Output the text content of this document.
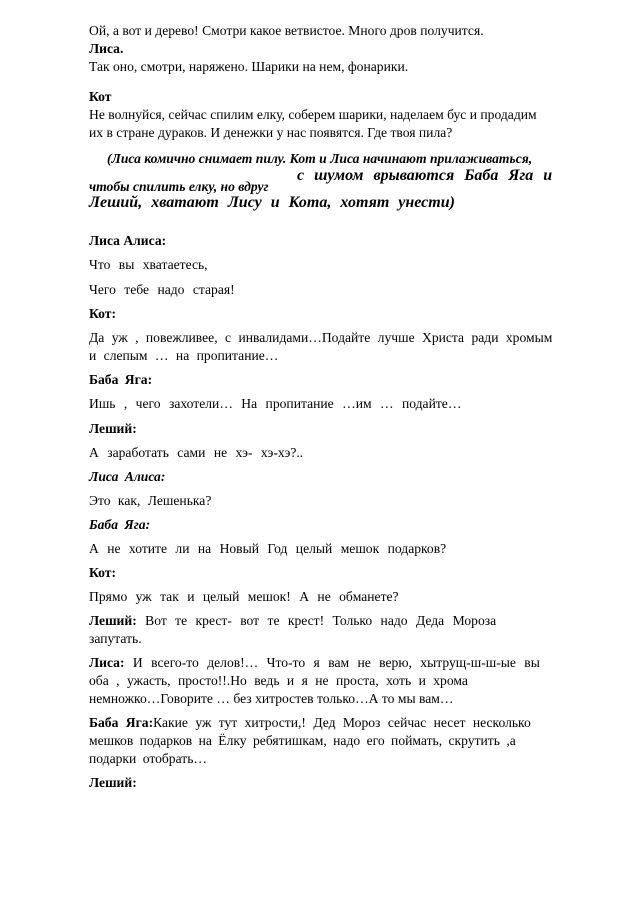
Ой, а вот и дерево! Смотри какое ветвистое. Много дров получится.

Лиса.

Так оно, смотри, наряжено. Шарики на нем, фонарики.

Кот

Не волнуйся, сейчас спилим елку, соберем шарики, наделаем бус и продадим

их в стране дураков. И денежки у нас появятся. Где твоя пила?

(Лиса комично снимает пилу. Кот и Лиса начинают прилаживаться,

чтобы спилить елку, но вдруг
с шумом врываются Баба Яга и

Леший, хватают Лису и Кота, хотят унести)

Лиса Алиса:

Что вы хватаетесь,

Чего тебе надо старая!

Кот:

Да уж , повежливее, с инвалидами…Подайте лучше Христа ради хромым

и слепым … на пропитание…

Баба Яга:

Ишь , чего захотели… На пропитание …им … подайте…

Леший:

А заработать сами не хэ- хэ-хэ?..

Лиса Алиса:

Это как, Лешенька?

Баба Яга:

А не хотите ли на Новый Год целый мешок подарков?

Кот:

Прямо уж так и целый мешок! А не обманете?

Леший: Вот те крест- вот те крест! Только надо Деда Мороза

запутать.

Лиса: И всего-то делов!… Что-то я вам не верю, хытрущ-ш-ш-ые вы

оба , ужасть, просто!!.Но ведь и я не проста, хоть и хрома

немножко…Говорите … без хитростев только…А то мы вам…

Баба Яга:Какие уж тут хитрости,! Дед Мороз сейчас несет несколько

мешков подарков на Ёлку ребятишкам, надо его поймать, скрутить ,а

подарки отобрать…

Леший:
